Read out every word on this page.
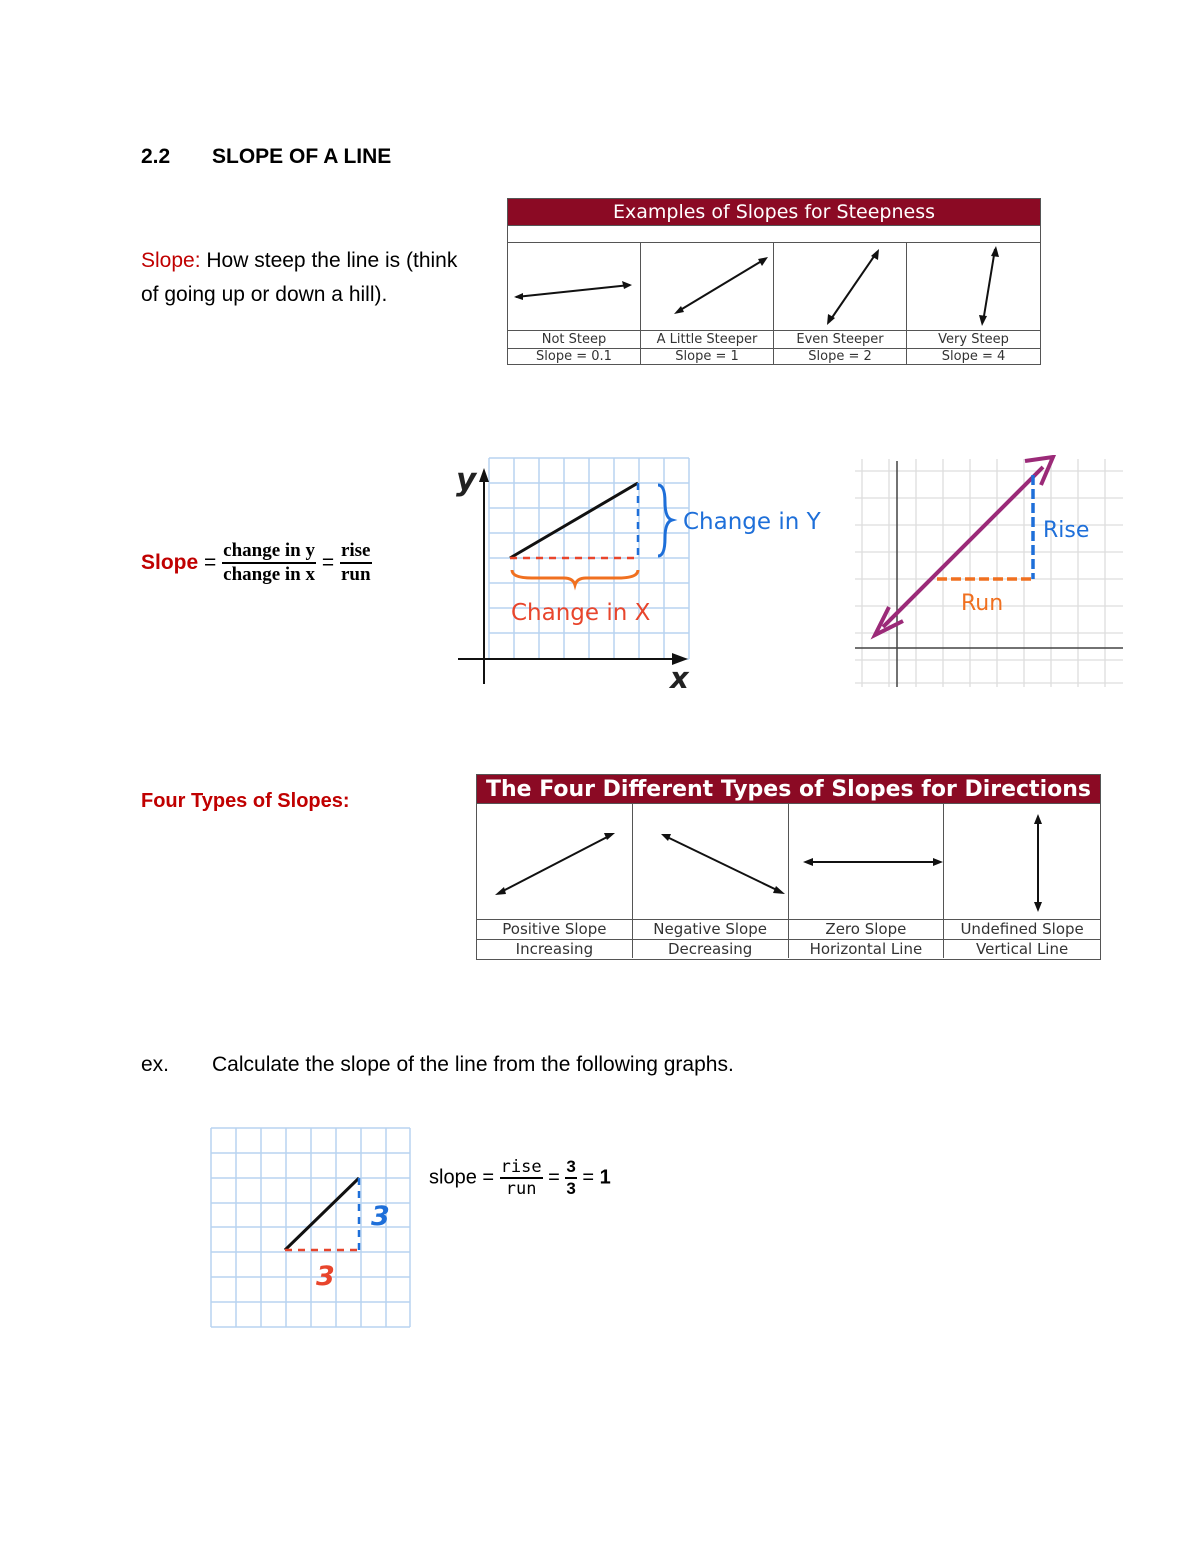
2.2 SLOPE OF A LINE
Slope: How steep the line is (think
of going up or down a hill).
Examples of Slopes for Steepness
Not Steep	A Little Steeper	Even Steeper	Very Steep
Slope = 0.1	Slope = 1	Slope = 2	Slope = 4
Slope = $\frac{\text{change in y}}{\text{change in x}} = \frac{\text{rise}}{\text{run}}$
y
x
Change in Y
Change in X
Rise
Run
Four Types of Slopes:	The Four Different Types of Slopes for Directions
Positive Slope	Negative Slope	Zero Slope	Undefined Slope
Increasing	Decreasing	Horizontal Line	Vertical Line
ex. Calculate the slope of the line from the following graphs.
3
3
slope = $\frac{\text{rise}}{\text{run}} = \frac{3}{3} = 1$
